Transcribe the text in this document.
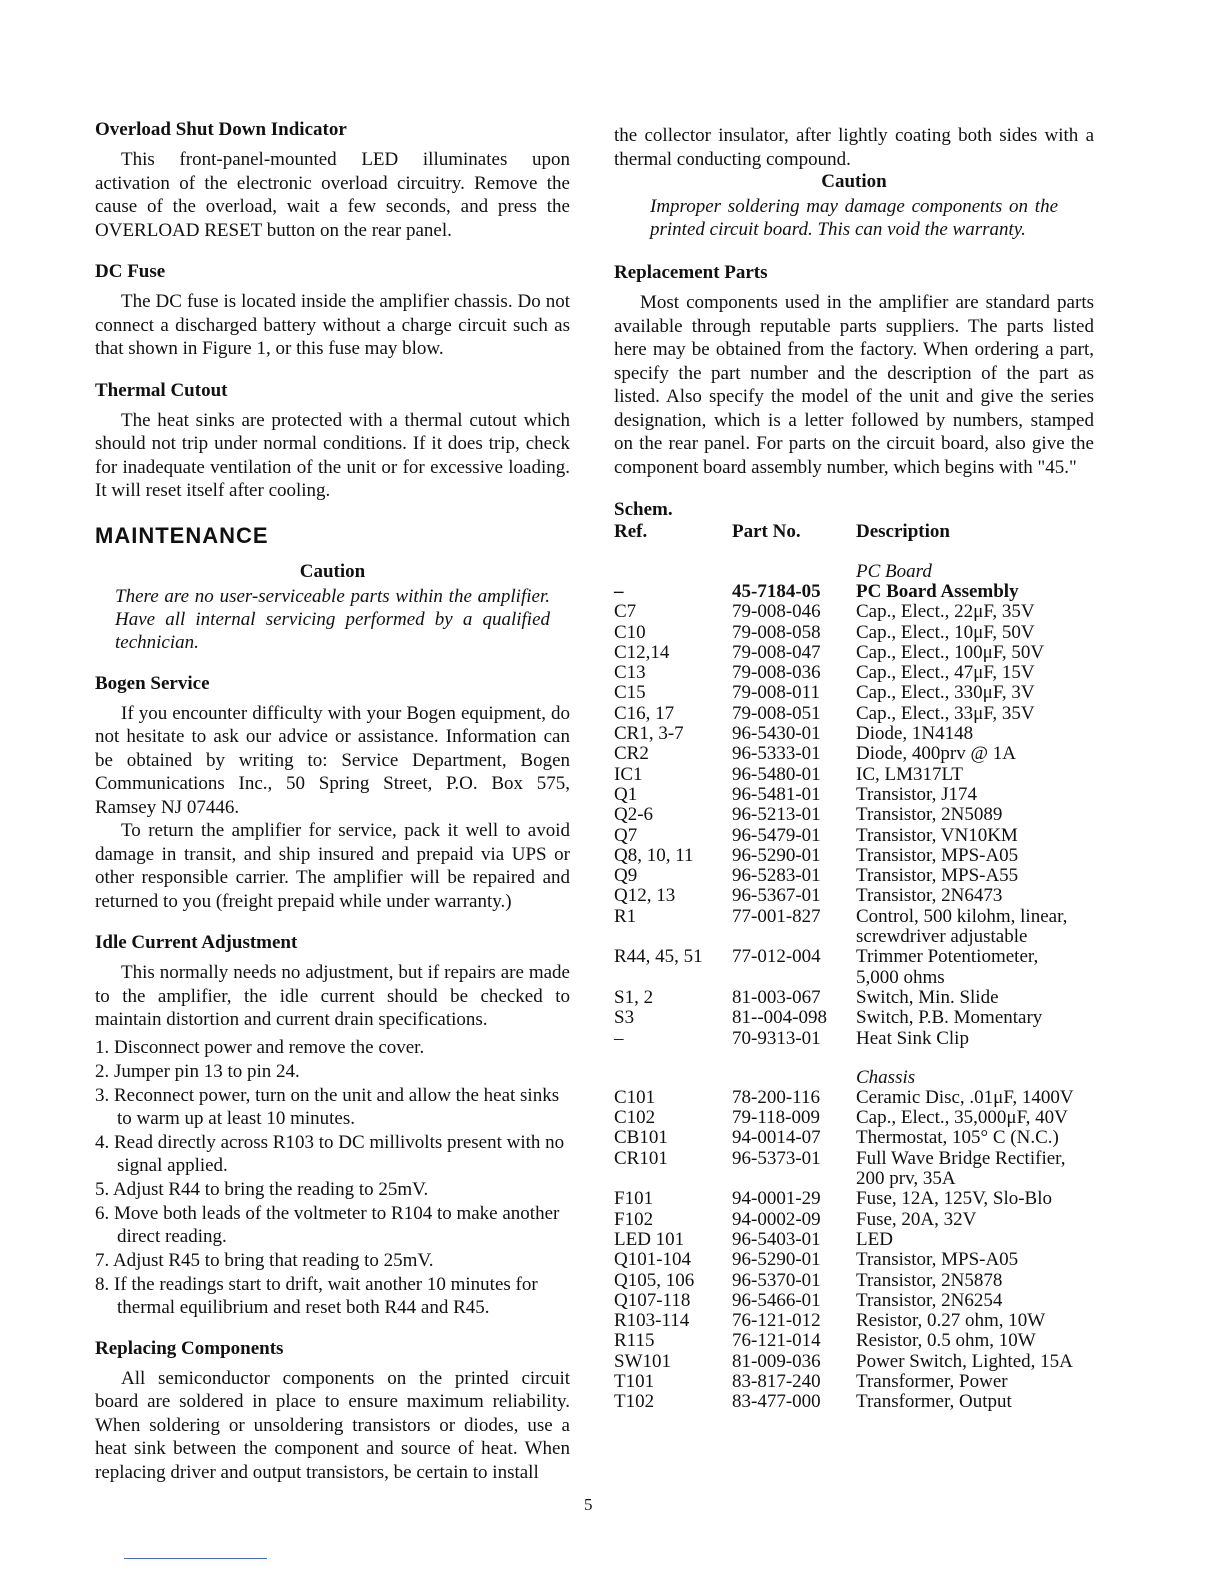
Overload Shut Down Indicator

This front-panel-mounted LED illuminates upon activation of the electronic overload circuitry. Remove the cause of the overload, wait a few seconds, and press the OVERLOAD RESET button on the rear panel.

DC Fuse

The DC fuse is located inside the amplifier chassis. Do not connect a discharged battery without a charge circuit such as that shown in Figure 1, or this fuse may blow.

Thermal Cutout

The heat sinks are protected with a thermal cutout which should not trip under normal conditions. If it does trip, check for inadequate ventilation of the unit or for excessive loading. It will reset itself after cooling.

MAINTENANCE
Caution
There are no user-serviceable parts within the amplifier. Have all internal servicing performed by a qualified technician.
Bogen Service

If you encounter difficulty with your Bogen equipment, do not hesitate to ask our advice or assistance. Information can be obtained by writing to: Service Department, Bogen Communications Inc., 50 Spring Street, P.O. Box 575, Ramsey NJ 07446.

To return the amplifier for service, pack it well to avoid damage in transit, and ship insured and prepaid via UPS or other responsible carrier. The amplifier will be repaired and returned to you (freight prepaid while under warranty.)

Idle Current Adjustment

This normally needs no adjustment, but if repairs are made to the amplifier, the idle current should be checked to maintain distortion and current drain specifications.

1. Disconnect power and remove the cover.
2. Jumper pin 13 to pin 24.
3. Reconnect power, turn on the unit and allow the heat sinks to warm up at least 10 minutes.
4. Read directly across R103 to DC millivolts present with no signal applied.
5. Adjust R44 to bring the reading to 25mV.
6. Move both leads of the voltmeter to R104 to make another direct reading.
7. Adjust R45 to bring that reading to 25mV.
8. If the readings start to drift, wait another 10 minutes for thermal equilibrium and reset both R44 and R45.
Replacing Components

All semiconductor components on the printed circuit board are soldered in place to ensure maximum reliability. When soldering or unsoldering transistors or diodes, use a heat sink between the component and source of heat. When replacing driver and output transistors, be certain to install

the collector insulator, after lightly coating both sides with a thermal conducting compound.

Caution
Improper soldering may damage components on the printed circuit board. This can void the warranty.
Replacement Parts

Most components used in the amplifier are standard parts available through reputable parts suppliers. The parts listed here may be obtained from the factory. When ordering a part, specify the part number and the description of the part as listed. Also specify the model of the unit and give the series designation, which is a letter followed by numbers, stamped on the rear panel. For parts on the circuit board, also give the component board assembly number, which begins with "45."

Schem.
Ref.	Part No.	Description
PC Board
–	45-7184-05	PC Board Assembly
C7	79-008-046	Cap., Elect., 22μF, 35V
C10	79-008-058	Cap., Elect., 10μF, 50V
C12,14	79-008-047	Cap., Elect., 100μF, 50V
C13	79-008-036	Cap., Elect., 47μF, 15V
C15	79-008-011	Cap., Elect., 330μF, 3V
C16, 17	79-008-051	Cap., Elect., 33μF, 35V
CR1, 3-7	96-5430-01	Diode, 1N4148
CR2	96-5333-01	Diode, 400prv @ 1A
IC1	96-5480-01	IC, LM317LT
Q1	96-5481-01	Transistor, J174
Q2-6	96-5213-01	Transistor, 2N5089
Q7	96-5479-01	Transistor, VN10KM
Q8, 10, 11	96-5290-01	Transistor, MPS-A05
Q9	96-5283-01	Transistor, MPS-A55
Q12, 13	96-5367-01	Transistor, 2N6473
R1	77-001-827	Control, 500 kilohm, linear,
screwdriver adjustable
R44, 45, 51	77-012-004	Trimmer Potentiometer,
5,000 ohms
S1, 2	81-003-067	Switch, Min. Slide
S3	81--004-098	Switch, P.B. Momentary
–	70-9313-01	Heat Sink Clip
Chassis
C101	78-200-116	Ceramic Disc, .01μF, 1400V
C102	79-118-009	Cap., Elect., 35,000μF, 40V
CB101	94-0014-07	Thermostat, 105° C (N.C.)
CR101	96-5373-01	Full Wave Bridge Rectifier,
200 prv, 35A
F101	94-0001-29	Fuse, 12A, 125V, Slo-Blo
F102	94-0002-09	Fuse, 20A, 32V
LED 101	96-5403-01	LED
Q101-104	96-5290-01	Transistor, MPS-A05
Q105, 106	96-5370-01	Transistor, 2N5878
Q107-118	96-5466-01	Transistor, 2N6254
R103-114	76-121-012	Resistor, 0.27 ohm, 10W
R115	76-121-014	Resistor, 0.5 ohm, 10W
SW101	81-009-036	Power Switch, Lighted, 15A
T101	83-817-240	Transformer, Power
T102	83-477-000	Transformer, Output
5
